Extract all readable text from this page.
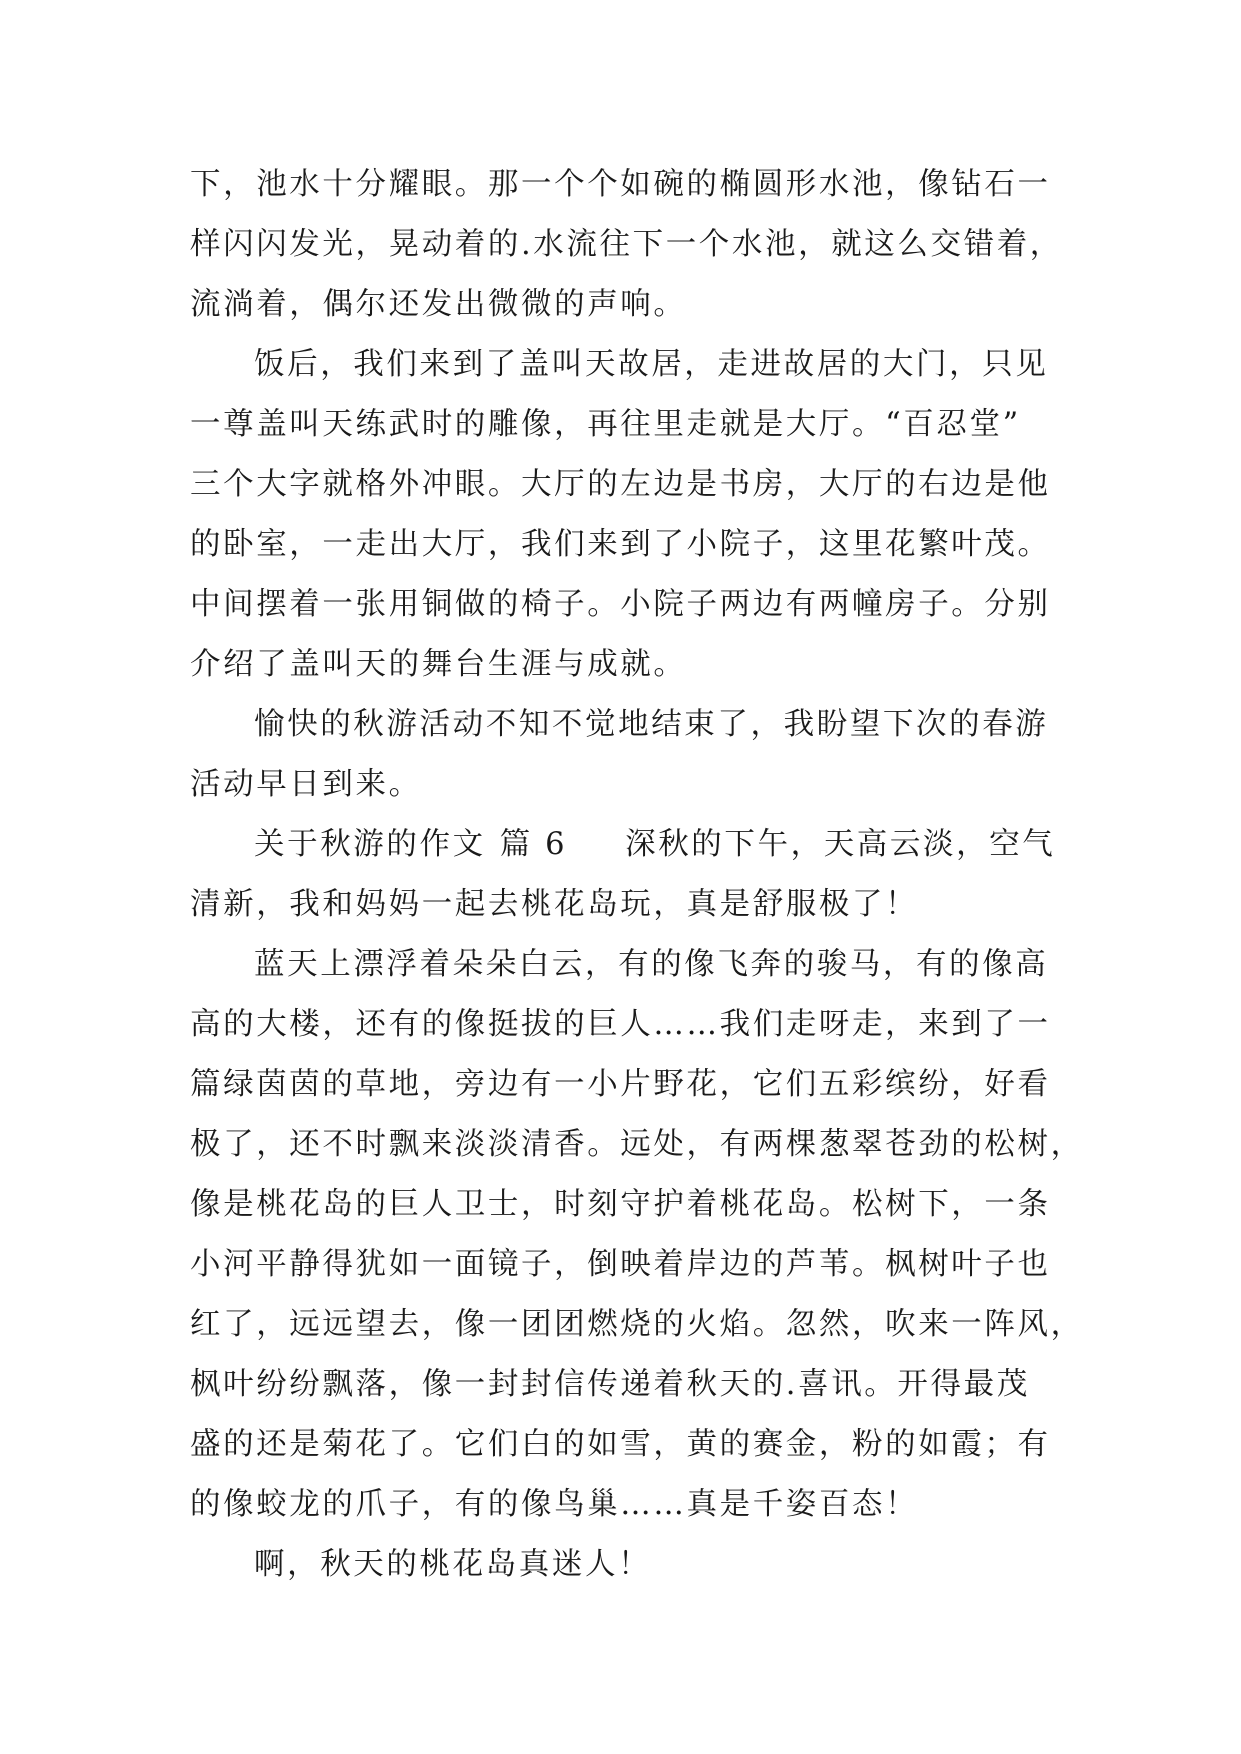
下，池水十分耀眼。那一个个如碗的椭圆形水池，像钻石一
样闪闪发光，晃动着的.水流往下一个水池，就这么交错着，
流淌着，偶尔还发出微微的声响。
饭后，我们来到了盖叫天故居，走进故居的大门，只见
一尊盖叫天练武时的雕像，再往里走就是大厅。“百忍堂”
三个大字就格外冲眼。大厅的左边是书房，大厅的右边是他
的卧室，一走出大厅，我们来到了小院子，这里花繁叶茂。
中间摆着一张用铜做的椅子。小院子两边有两幢房子。分别
介绍了盖叫天的舞台生涯与成就。
愉快的秋游活动不知不觉地结束了，我盼望下次的春游
活动早日到来。
关于秋游的作文 篇 6 深秋的下午，天高云淡，空气
清新，我和妈妈一起去桃花岛玩，真是舒服极了！
蓝天上漂浮着朵朵白云，有的像飞奔的骏马，有的像高
高的大楼，还有的像挺拔的巨人……我们走呀走，来到了一
篇绿茵茵的草地，旁边有一小片野花，它们五彩缤纷，好看
极了，还不时飘来淡淡清香。远处，有两棵葱翠苍劲的松树，
像是桃花岛的巨人卫士，时刻守护着桃花岛。松树下，一条
小河平静得犹如一面镜子，倒映着岸边的芦苇。枫树叶子也
红了，远远望去，像一团团燃烧的火焰。忽然，吹来一阵风，
枫叶纷纷飘落，像一封封信传递着秋天的.喜讯。开得最茂
盛的还是菊花了。它们白的如雪，黄的赛金，粉的如霞；有
的像蛟龙的爪子，有的像鸟巢……真是千姿百态！
啊，秋天的桃花岛真迷人！
